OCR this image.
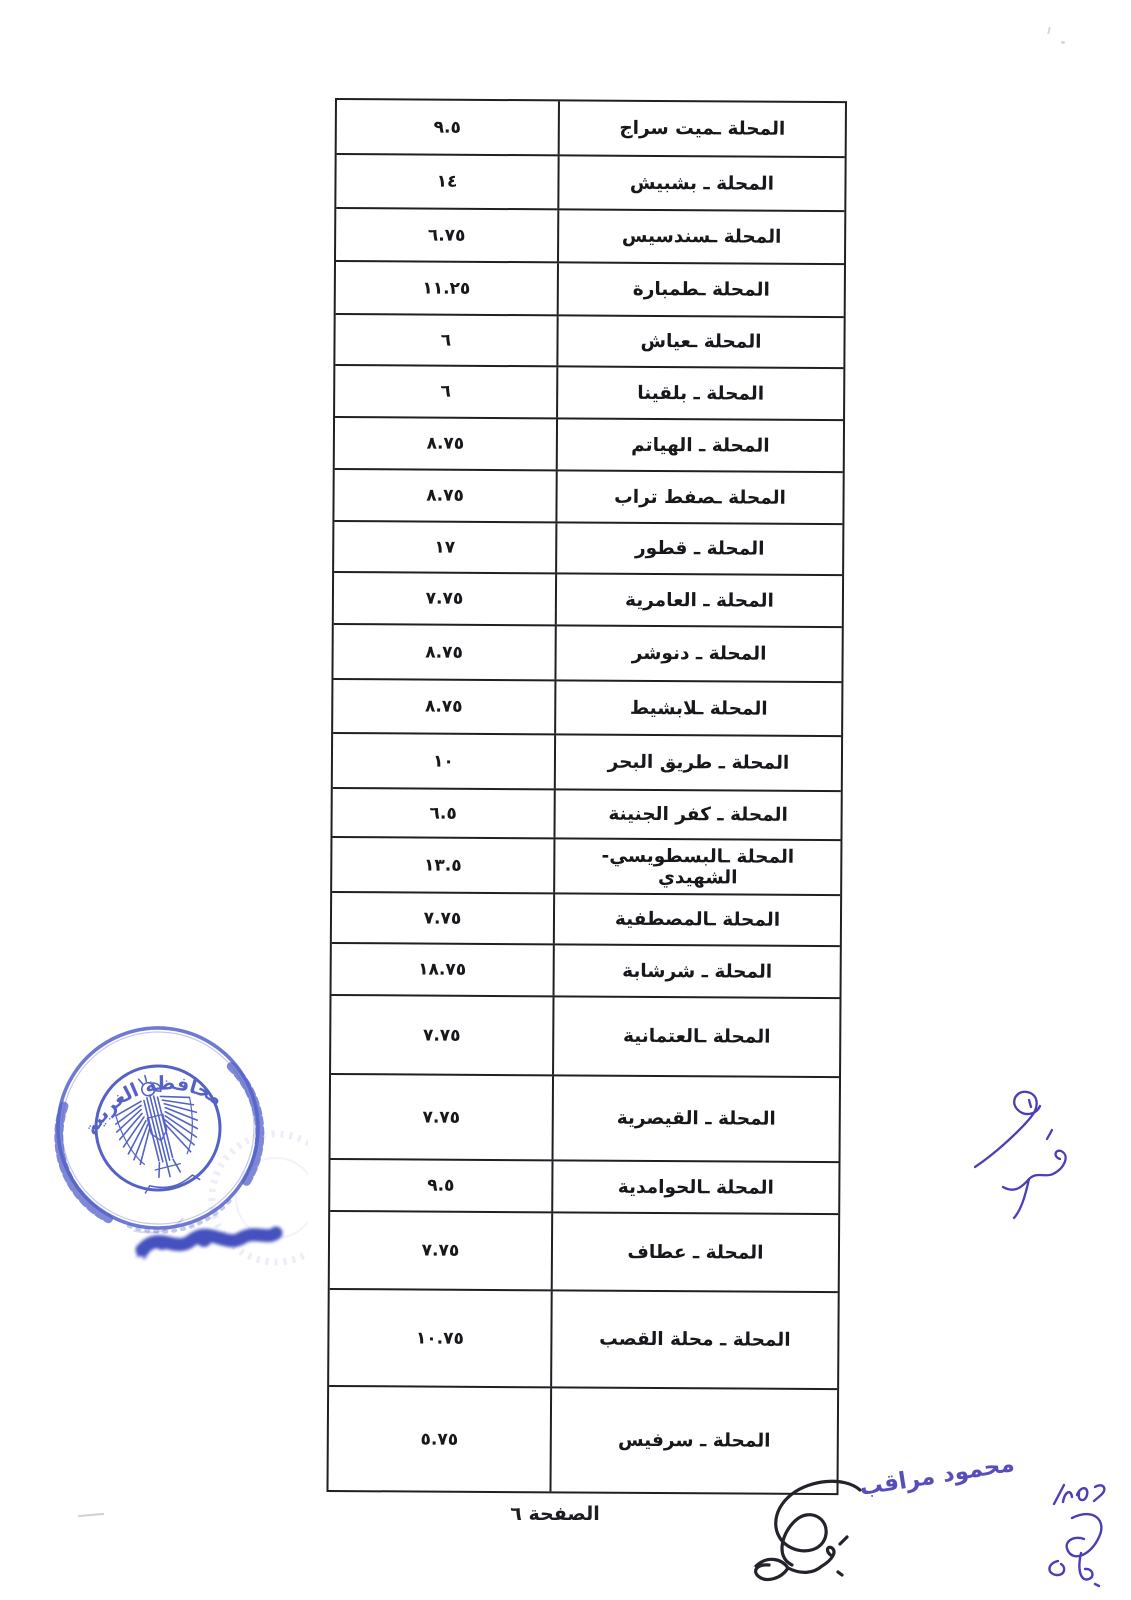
٩.٥	المحلة ـميت سراج
١٤	المحلة ـ بشبيش
٦.٧٥	المحلة ـسندسيس
١١.٢٥	المحلة ـطمبارة
٦	المحلة ـعياش
٦	المحلة ـ بلقينا
٨.٧٥	المحلة ـ الهياتم
٨.٧٥	المحلة ـصفط تراب
١٧	المحلة ـ قطور
٧.٧٥	المحلة ـ العامرية
٨.٧٥	المحلة ـ دنوشر
٨.٧٥	المحلة ـلابشيط
١٠	المحلة ـ طريق البحر
٦.٥	المحلة ـ كفر الجنينة
١٣.٥	المحلة ـالبسطويسي- الشهيدي
٧.٧٥	المحلة ـالمصطفية
١٨.٧٥	المحلة ـ شرشابة
٧.٧٥	المحلة ـالعتمانية
٧.٧٥	المحلة ـ القيصرية
٩.٥	المحلة ـالحوامدية
٧.٧٥	المحلة ـ عطاف
١٠.٧٥	المحلة ـ محلة القصب
٥.٧٥	المحلة ـ سرفيس
الصفحة ٦
محافظة الغربية
محمود مراقب
